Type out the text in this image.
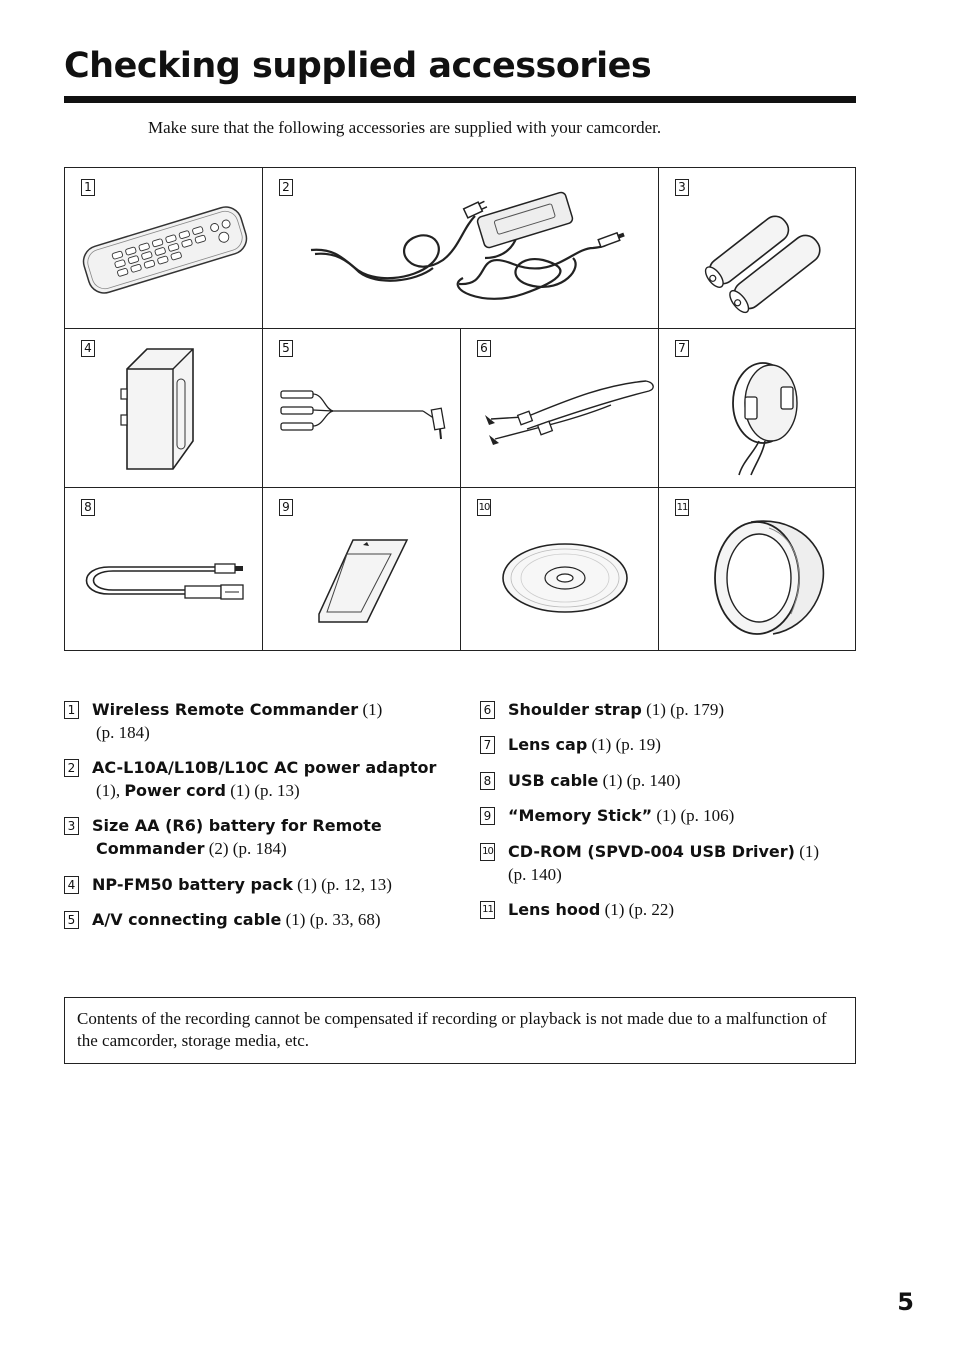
Checking supplied accessories
Make sure that the following accessories are supplied with your camcorder.
1	2	3
4	5	6	7
8	9	10	11
1 Wireless Remote Commander (1)
(p. 184)
2 AC-L10A/L10B/L10C AC power adaptor
(1), Power cord (1) (p. 13)
3 Size AA (R6) battery for Remote
Commander (2) (p. 184)
4 NP-FM50 battery pack (1) (p. 12, 13)
5 A/V connecting cable (1) (p. 33, 68)
6 Shoulder strap (1) (p. 179)
7 Lens cap (1) (p. 19)
8 USB cable (1) (p. 140)
9 “Memory Stick” (1) (p. 106)
10 CD-ROM (SPVD-004 USB Driver) (1)
(p. 140)
11 Lens hood (1) (p. 22)
Contents of the recording cannot be compensated if recording or playback is not made due to a malfunction of the camcorder, storage media, etc.
5
